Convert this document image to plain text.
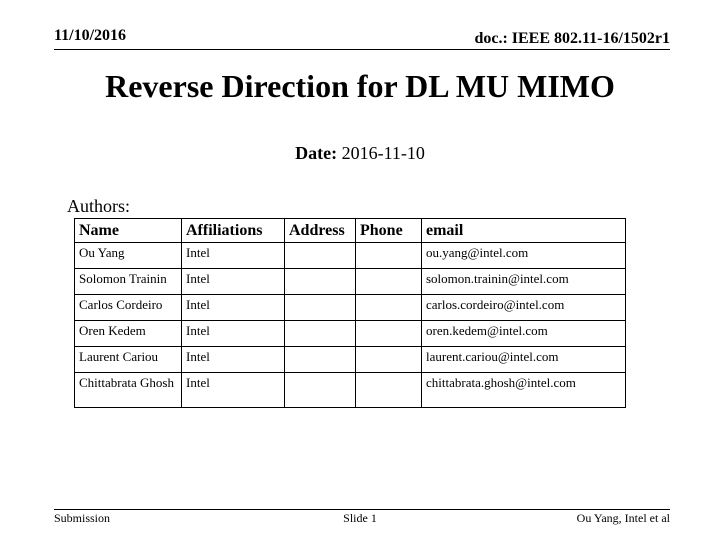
11/10/2016	doc.: IEEE 802.11-16/1502r1
Reverse Direction for DL MU MIMO
Date: 2016-11-10
Authors:
Name	Affiliations	Address	Phone	email
Ou Yang	Intel			ou.yang@intel.com
Solomon Trainin	Intel			solomon.trainin@intel.com
Carlos Cordeiro	Intel			carlos.cordeiro@intel.com
Oren Kedem	Intel			oren.kedem@intel.com
Laurent Cariou	Intel			laurent.cariou@intel.com
Chittabrata Ghosh	Intel			chittabrata.ghosh@intel.com
Submission	Slide 1	Ou Yang, Intel et al
